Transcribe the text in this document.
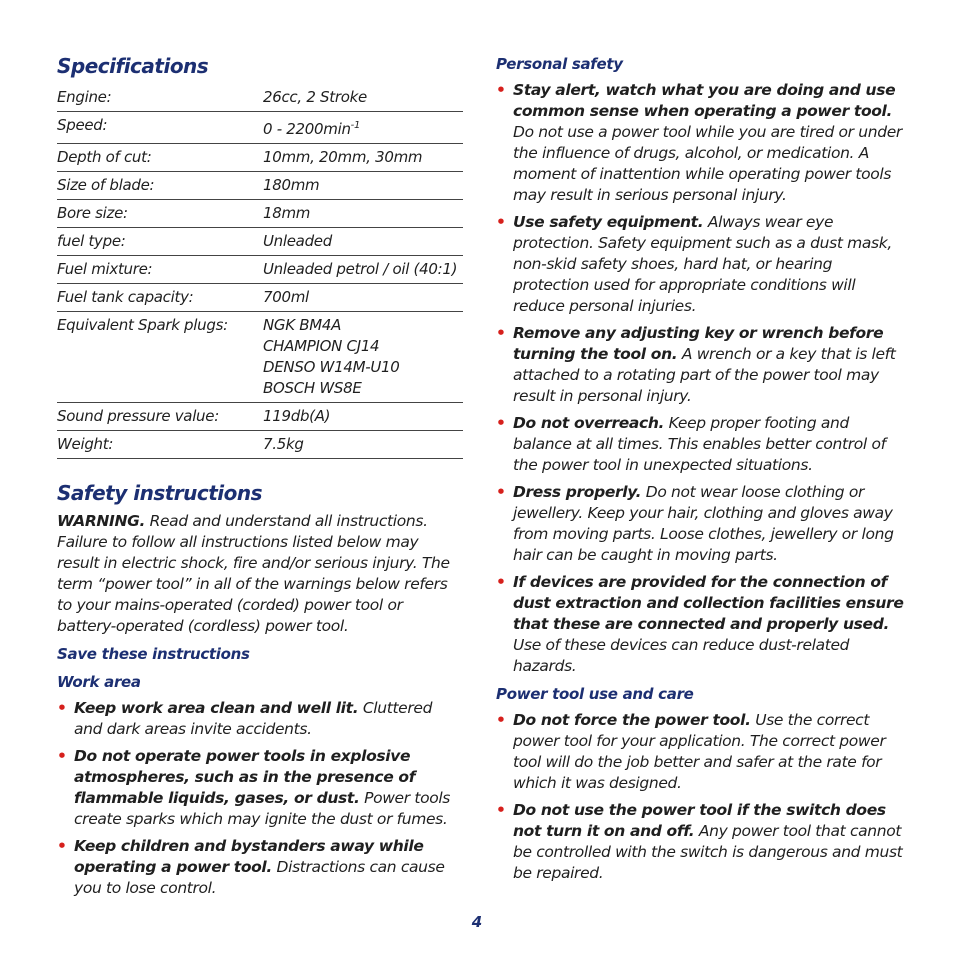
Specifications
Engine:	26cc, 2 Stroke

Speed:	$0 - 2200\min^{-1}$

Depth of cut:	10mm, 20mm, 30mm

Size of blade:	180mm

Bore size:	18mm

fuel type:	Unleaded

Fuel mixture:	Unleaded petrol / oil (40:1)

Fuel tank capacity:	700ml

Equivalent Spark plugs:	NGK BM4A
CHAMPION CJ14
DENSO W14M-U10
BOSCH WS8E

Sound pressure value:	119db(A)

Weight:	7.5kg
Safety instructions

WARNING. Read and understand all instructions. Failure to follow all instructions listed below may result in electric shock, fire and/or serious injury. The term “power tool” in all of the warnings below refers to your mains-operated (corded) power tool or battery-operated (cordless) power tool.

Save these instructions
Work area
• Keep work area clean and well lit. Cluttered and dark areas invite accidents.
• Do not operate power tools in explosive atmospheres, such as in the presence of flammable liquids, gases, or dust. Power tools create sparks which may ignite the dust or fumes.
• Keep children and bystanders away while operating a power tool. Distractions can cause you to lose control.
Personal safety
• Stay alert, watch what you are doing and use common sense when operating a power tool. Do not use a power tool while you are tired or under the influence of drugs, alcohol, or medication. A moment of inattention while operating power tools may result in serious personal injury.
• Use safety equipment. Always wear eye protection. Safety equipment such as a dust mask, non-skid safety shoes, hard hat, or hearing protection used for appropriate conditions will reduce personal injuries.
• Remove any adjusting key or wrench before turning the tool on. A wrench or a key that is left attached to a rotating part of the power tool may result in personal injury.
• Do not overreach. Keep proper footing and balance at all times. This enables better control of the power tool in unexpected situations.
• Dress properly. Do not wear loose clothing or jewellery. Keep your hair, clothing and gloves away from moving parts. Loose clothes, jewellery or long hair can be caught in moving parts.
• If devices are provided for the connection of dust extraction and collection facilities ensure that these are connected and properly used. Use of these devices can reduce dust-related hazards.
Power tool use and care
• Do not force the power tool. Use the correct power tool for your application. The correct power tool will do the job better and safer at the rate for which it was designed.
• Do not use the power tool if the switch does not turn it on and off. Any power tool that cannot be controlled with the switch is dangerous and must be repaired.
4
